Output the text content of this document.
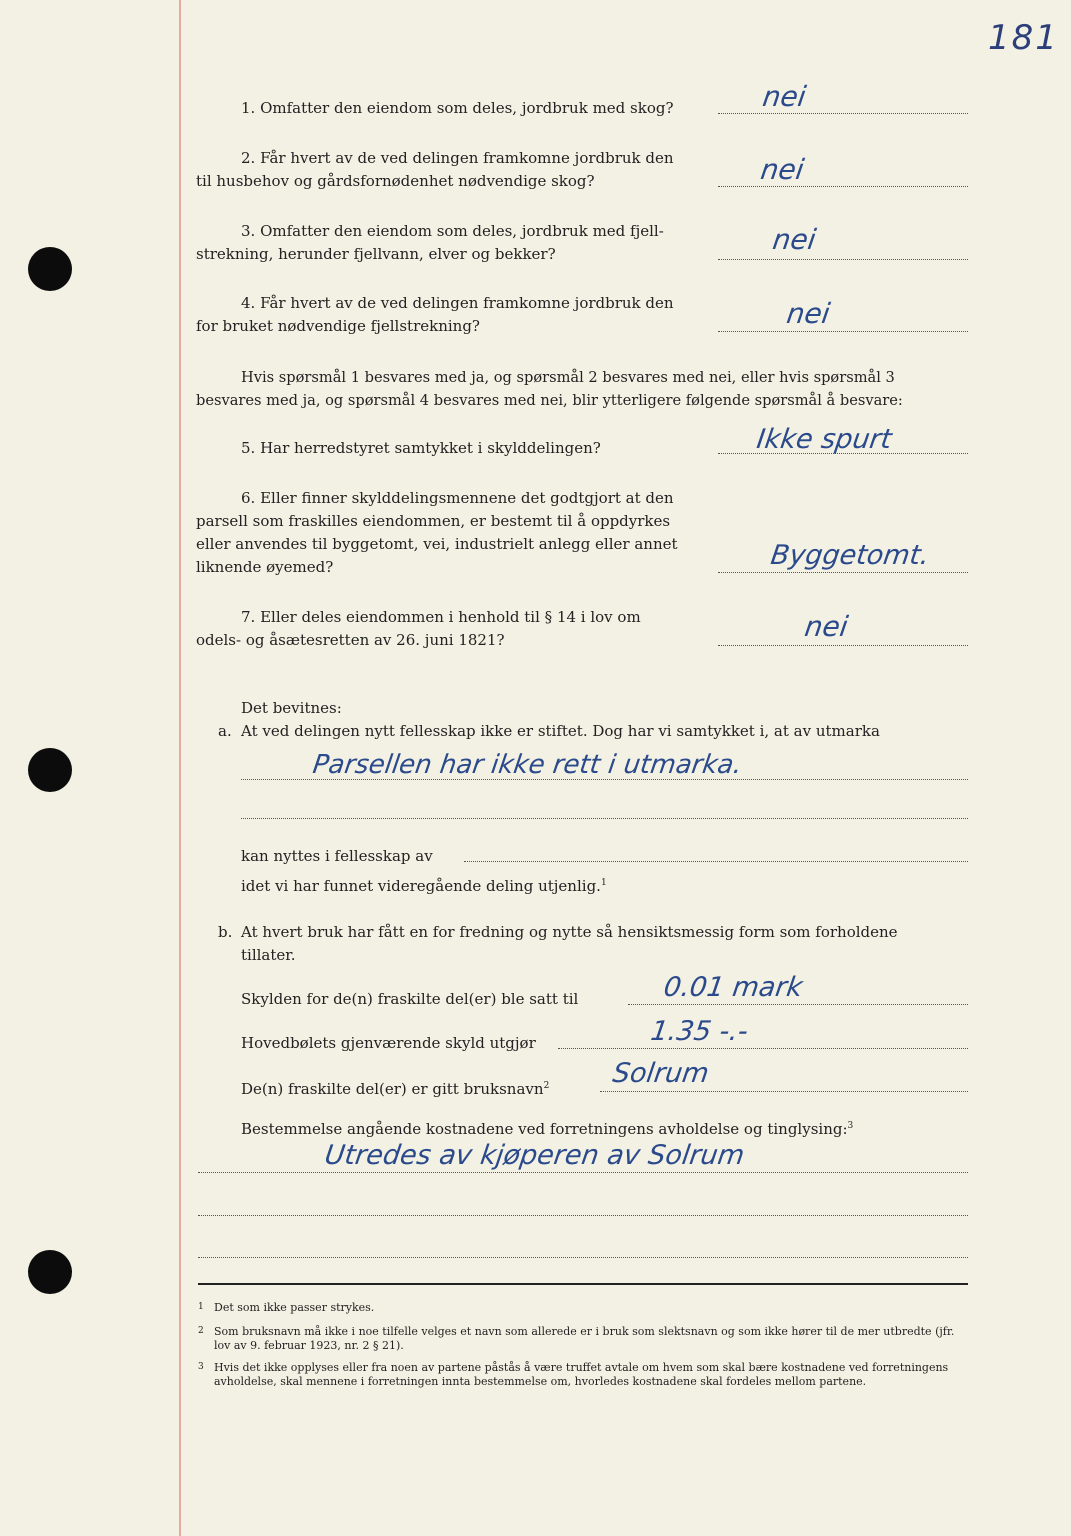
181
1. Omfatter den eiendom som deles, jordbruk med skog?	nei
2. Får hvert av de ved delingen framkomne jordbruk den
til husbehov og gårdsfornødenhet nødvendige skog?	nei
3. Omfatter den eiendom som deles, jordbruk med fjell-
strekning, herunder fjellvann, elver og bekker?	nei
4. Får hvert av de ved delingen framkomne jordbruk den
for bruket nødvendige fjellstrekning?	nei
Hvis spørsmål 1 besvares med ja, og spørsmål 2 besvares med nei, eller hvis spørsmål 3
besvares med ja, og spørsmål 4 besvares med nei, blir ytterligere følgende spørsmål å besvare:
5. Har herredstyret samtykket i skylddelingen?	Ikke spurt
6. Eller finner skylddelingsmennene det godtgjort at den
parsell som fraskilles eiendommen, er bestemt til å oppdyrkes
eller anvendes til byggetomt, vei, industrielt anlegg eller annet
liknende øyemed?	Byggetomt.
7. Eller deles eiendommen i henhold til § 14 i lov om
odels- og åsætesretten av 26. juni 1821?	nei
Det bevitnes:
a. At ved delingen nytt fellesskap ikke er stiftet. Dog har vi samtykket i, at av utmarka
Parsellen har ikke rett i utmarka.
kan nyttes i fellesskap av
idet vi har funnet videregående deling utjenlig.$^1$
b. At hvert bruk har fått en for fredning og nytte så hensiktsmessig form som forholdene
tillater.
Skylden for de(n) fraskilte del(er) ble satt til	0.01 mark
Hovedbølets gjenværende skyld utgjør	1.35 -.-
De(n) fraskilte del(er) er gitt bruksnavn$^2$ Solrum
Bestemmelse angående kostnadene ved forretningens avholdelse og tinglysing:$^3$
Utredes av kjøperen av Solrum
$^1$ Det som ikke passer strykes.
$^2$ Som bruksnavn må ikke i noe tilfelle velges et navn som allerede er i bruk som slektsnavn og som ikke hører til de mer utbredte (jfr. lov av 9. februar 1923, nr. 2 § 21).
$^3$ Hvis det ikke opplyses eller fra noen av partene påstås å være truffet avtale om hvem som skal bære kostnadene ved forretningens avholdelse, skal mennene i forretningen innta bestemmelse om, hvorledes kostnadene skal fordeles mellom partene.
